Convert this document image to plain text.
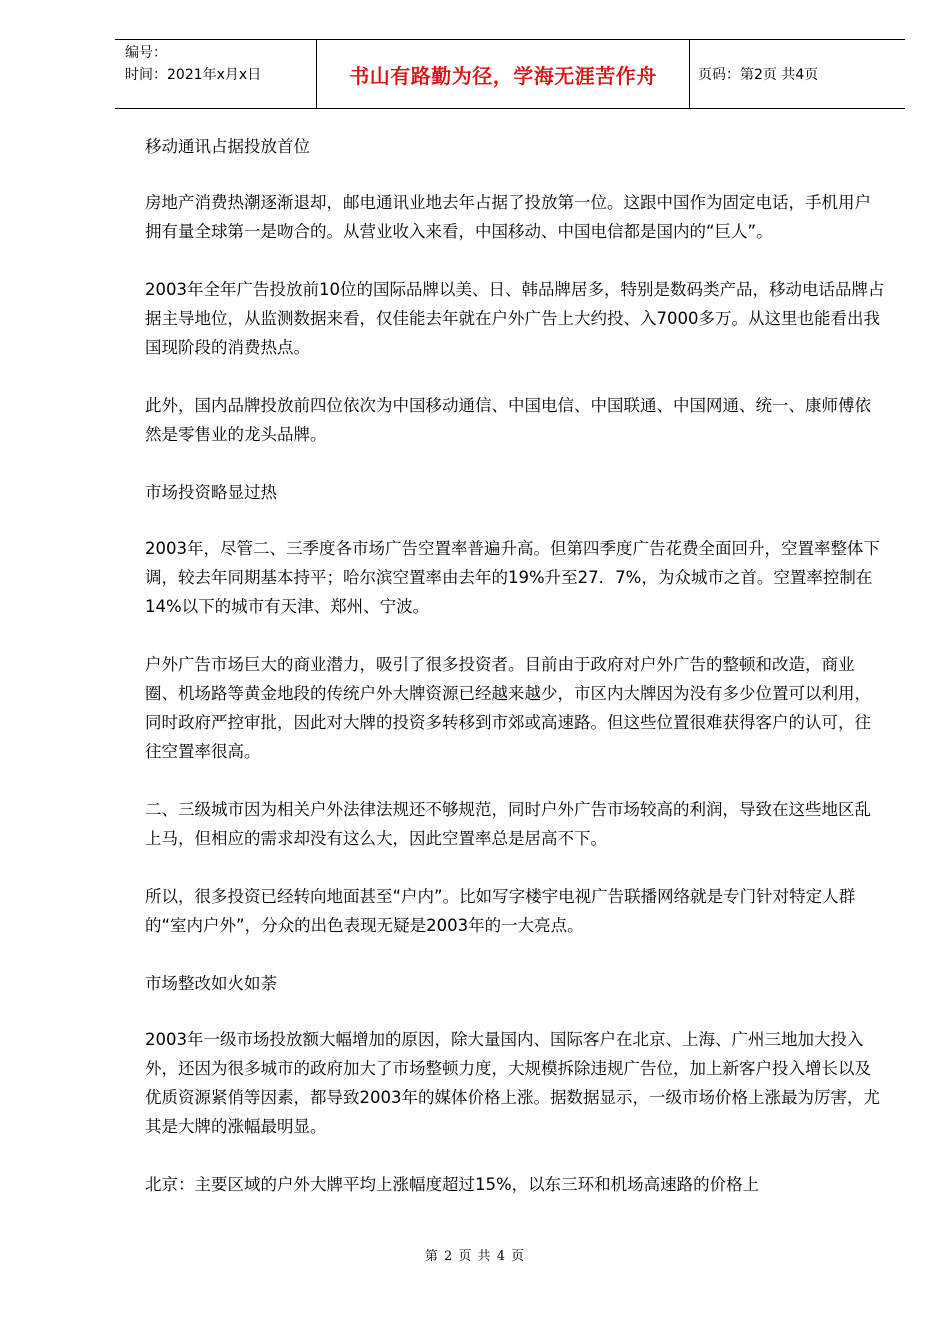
编号：
时间：2021年x月x日	书山有路勤为径，学海无涯苦作舟	页码：第2页 共4页

移动通讯占据投放首位

房地产消费热潮逐渐退却，邮电通讯业地去年占据了投放第一位。这跟中国作为固定电话，手机用户拥有量全球第一是吻合的。从营业收入来看，中国移动、中国电信都是国内的“巨人”。

2003年全年广告投放前10位的国际品牌以美、日、韩品牌居多，特别是数码类产品，移动电话品牌占据主导地位，从监测数据来看，仅佳能去年就在户外广告上大约投、入7000多万。从这里也能看出我国现阶段的消费热点。

此外，国内品牌投放前四位依次为中国移动通信、中国电信、中国联通、中国网通、统一、康师傅依然是零售业的龙头品牌。

市场投资略显过热

2003年，尽管二、三季度各市场广告空置率普遍升高。但第四季度广告花费全面回升，空置率整体下调，较去年同期基本持平；哈尔滨空置率由去年的19%升至27．7%，为众城市之首。空置率控制在14%以下的城市有天津、郑州、宁波。

户外广告市场巨大的商业潜力，吸引了很多投资者。目前由于政府对户外广告的整顿和改造，商业圈、机场路等黄金地段的传统户外大牌资源已经越来越少，市区内大牌因为没有多少位置可以利用，同时政府严控审批，因此对大牌的投资多转移到市郊或高速路。但这些位置很难获得客户的认可，往往空置率很高。

二、三级城市因为相关户外法律法规还不够规范，同时户外广告市场较高的利润，导致在这些地区乱上马，但相应的需求却没有这么大，因此空置率总是居高不下。

所以，很多投资已经转向地面甚至“户内”。比如写字楼宇电视广告联播网络就是专门针对特定人群的“室内户外”，分众的出色表现无疑是2003年的一大亮点。

市场整改如火如荼

2003年一级市场投放额大幅增加的原因，除大量国内、国际客户在北京、上海、广州三地加大投入外，还因为很多城市的政府加大了市场整顿力度，大规模拆除违规广告位，加上新客户投入增长以及优质资源紧俏等因素，都导致2003年的媒体价格上涨。据数据显示，一级市场价格上涨最为厉害，尤其是大牌的涨幅最明显。

北京：主要区域的户外大牌平均上涨幅度超过15%，以东三环和机场高速路的价格上

第 2 页 共 4 页
